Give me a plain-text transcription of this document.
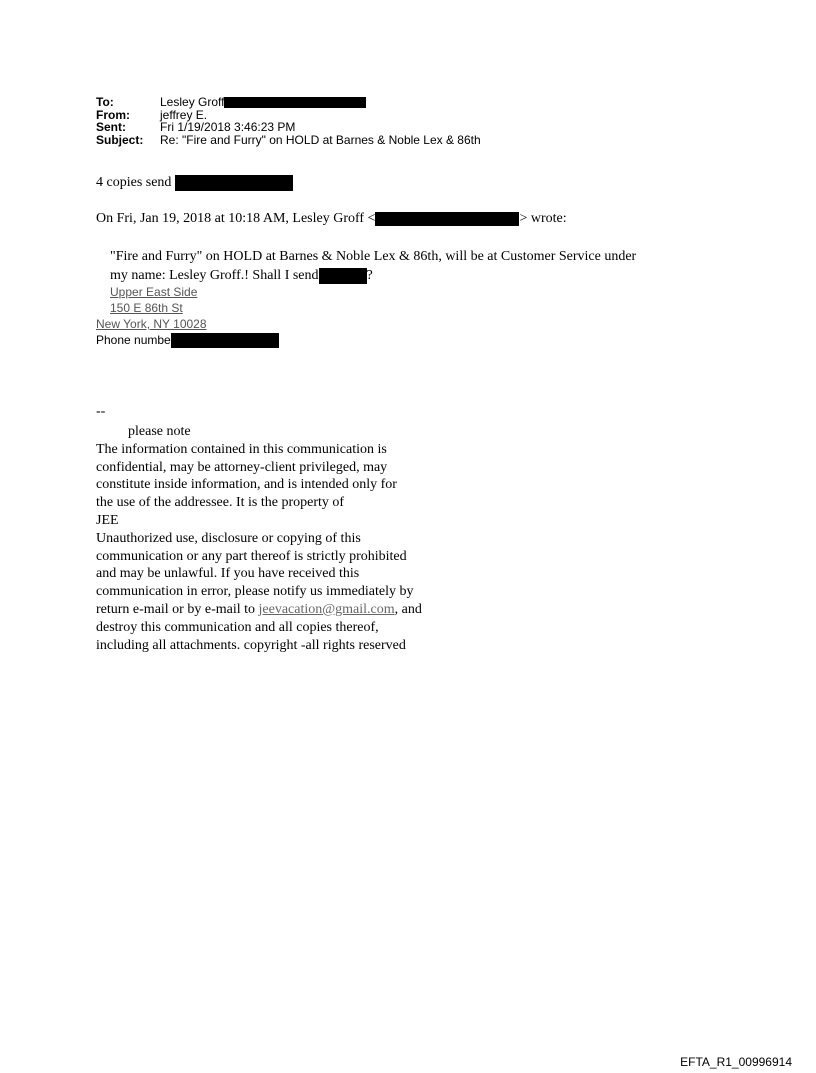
To:	Lesley Groff
From:	jeffrey E.
Sent:	Fri 1/19/2018 3:46:23 PM
Subject:	Re: "Fire and Furry" on HOLD at Barnes & Noble Lex & 86th
4 copies send
On Fri, Jan 19, 2018 at 10:18 AM, Lesley Groff <	> wrote:
"Fire and Furry" on HOLD at Barnes & Noble Lex & 86th, will be at Customer Service under
my name: Lesley Groff.! Shall I send	?
Upper East Side
150 E 86th St
New York, NY 10028
Phone numbe
--

please note

The information contained in this communication is

confidential, may be attorney-client privileged, may

constitute inside information, and is intended only for

the use of the addressee. It is the property of

JEE

Unauthorized use, disclosure or copying of this

communication or any part thereof is strictly prohibited

and may be unlawful. If you have received this

communication in error, please notify us immediately by

return e-mail or by e-mail to jeevacation@gmail.com, and

destroy this communication and all copies thereof,

including all attachments. copyright -all rights reserved

EFTA_R1_00996914
